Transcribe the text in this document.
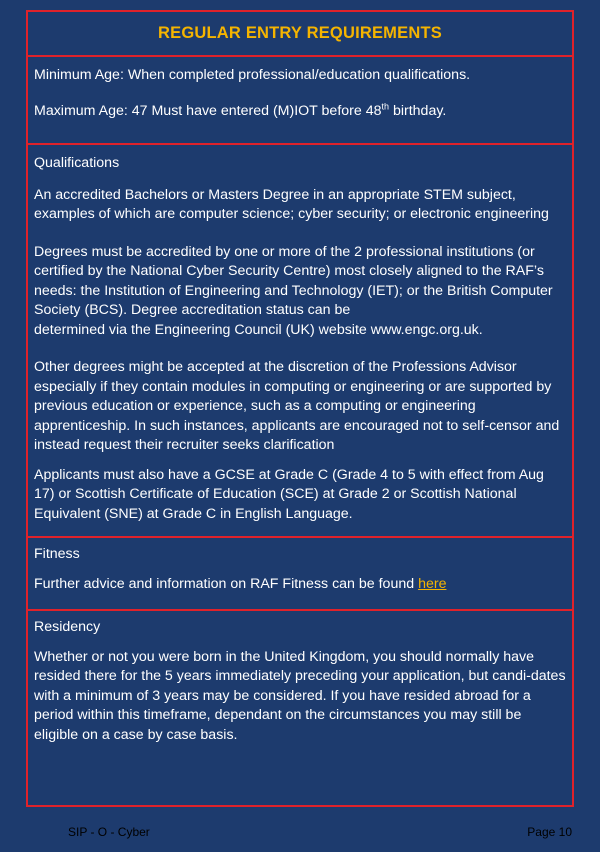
REGULAR ENTRY REQUIREMENTS

Minimum Age: When completed professional/education qualifications.

Maximum Age: 47 Must have entered (M)IOT before 48th birthday.

Qualifications

An accredited Bachelors or Masters Degree in an appropriate STEM subject, examples of which are computer science; cyber security; or electronic engineering

Degrees must be accredited by one or more of the 2 professional institutions (or certified by the National Cyber Security Centre) most closely aligned to the RAF’s needs: the Institution of Engineering and Technology (IET); or the British Computer Society (BCS). Degree accreditation status can be

determined via the Engineering Council (UK) website www.engc.org.uk.

Other degrees might be accepted at the discretion of the Professions Advisor especially if they contain modules in computing or engineering or are supported by previous education or experience, such as a computing or engineering apprenticeship. In such instances, applicants are encouraged not to self-censor and instead request their recruiter seeks clarification

Applicants must also have a GCSE at Grade C (Grade 4 to 5 with effect from Aug 17) or Scottish Certificate of Education (SCE) at Grade 2 or Scottish National Equivalent (SNE) at Grade C in English Language.

Fitness

Further advice and information on RAF Fitness can be found here

Residency

Whether or not you were born in the United Kingdom, you should normally have resided there for the 5 years immediately preceding your application, but candi-dates with a minimum of 3 years may be considered. If you have resided abroad for a period within this timeframe, dependant on the circumstances you may still be eligible on a case by case basis.

SIP - O - Cyber	Page 10
